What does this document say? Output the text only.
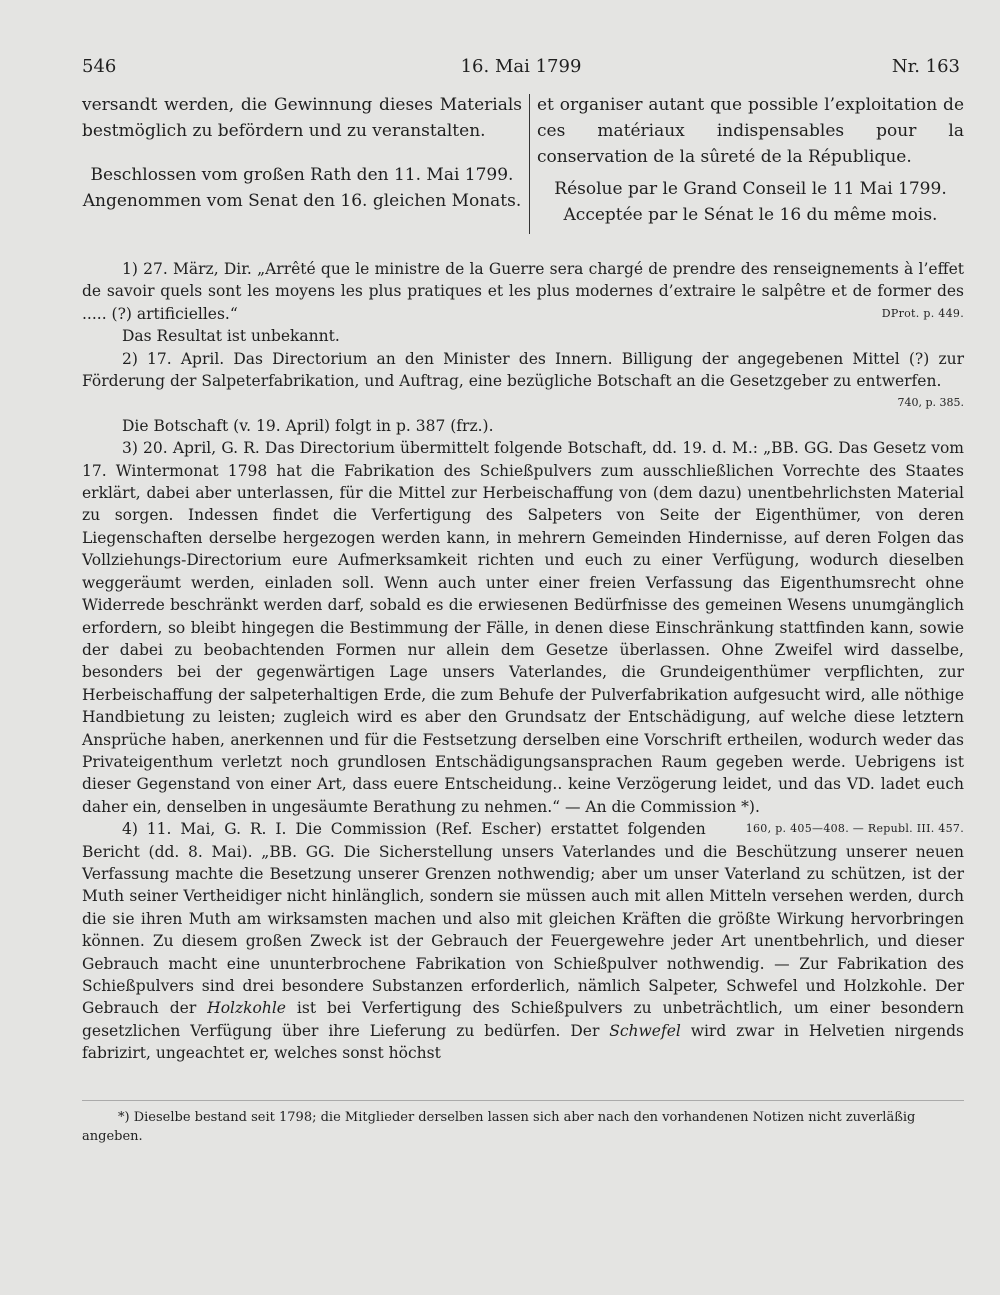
546	16. Mai 1799	Nr. 163

versandt werden, die Gewinnung dieses Materials bestmöglich zu befördern und zu veranstalten.

Beschlossen vom großen Rath den 11. Mai 1799.

Angenommen vom Senat den 16. gleichen Monats.

et organiser autant que possible l’exploitation de ces matériaux indispensables pour la conservation de la sûreté de la République.

Résolue par le Grand Conseil le 11 Mai 1799.

Acceptée par le Sénat le 16 du même mois.

1) 27. März, Dir. „Arrêté que le ministre de la Guerre sera chargé de prendre des renseignements à l’effet de savoir quels sont les moyens les plus pratiques et les plus modernes d’extraire le salpêtre et de former des ..... (?) artificielles.“	DProt. p. 449.

Das Resultat ist unbekannt.

2) 17. April. Das Directorium an den Minister des Innern. Billigung der angegebenen Mittel (?) zur Förderung der Salpeterfabrikation, und Auftrag, eine bezügliche Botschaft an die Gesetzgeber zu entwerfen.

740, p. 385.

Die Botschaft (v. 19. April) folgt in p. 387 (frz.).

3) 20. April, G. R. Das Directorium übermittelt folgende Botschaft, dd. 19. d. M.: „BB. GG. Das Gesetz vom 17. Wintermonat 1798 hat die Fabrikation des Schießpulvers zum ausschließlichen Vorrechte des Staates erklärt, dabei aber unterlassen, für die Mittel zur Herbeischaffung von (dem dazu) unentbehrlichsten Material zu sorgen. Indessen findet die Verfertigung des Salpeters von Seite der Eigenthümer, von deren Liegenschaften derselbe hergezogen werden kann, in mehrern Gemeinden Hindernisse, auf deren Folgen das Vollziehungs-Directorium eure Aufmerksamkeit richten und euch zu einer Verfügung, wodurch dieselben weggeräumt werden, einladen soll. Wenn auch unter einer freien Verfassung das Eigenthumsrecht ohne Widerrede beschränkt werden darf, sobald es die erwiesenen Bedürfnisse des gemeinen Wesens unumgänglich erfordern, so bleibt hingegen die Bestimmung der Fälle, in denen diese Einschränkung stattfinden kann, sowie der dabei zu beobachtenden Formen nur allein dem Gesetze überlassen. Ohne Zweifel wird dasselbe, besonders bei der gegenwärtigen Lage unsers Vaterlandes, die Grundeigenthümer verpflichten, zur Herbeischaffung der salpeterhaltigen Erde, die zum Behufe der Pulverfabrikation aufgesucht wird, alle nöthige Handbietung zu leisten; zugleich wird es aber den Grundsatz der Entschädigung, auf welche diese letztern Ansprüche haben, anerkennen und für die Festsetzung derselben eine Vorschrift ertheilen, wodurch weder das Privateigenthum verletzt noch grundlosen Entschädigungsansprachen Raum gegeben werde. Uebrigens ist dieser Gegenstand von einer Art, dass euere Entscheidung.. keine Verzögerung leidet, und das VD. ladet euch daher ein, denselben in ungesäumte Berathung zu nehmen.“ — An die Commission *).
160, p. 405—408. — Republ. III. 457.

4) 11. Mai, G. R. I. Die Commission (Ref. Escher) erstattet folgenden Bericht (dd. 8. Mai). „BB. GG. Die Sicherstellung unsers Vaterlandes und die Beschützung unserer neuen Verfassung machte die Besetzung unserer Grenzen nothwendig; aber um unser Vaterland zu schützen, ist der Muth seiner Vertheidiger nicht hinlänglich, sondern sie müssen auch mit allen Mitteln versehen werden, durch die sie ihren Muth am wirksamsten machen und also mit gleichen Kräften die größte Wirkung hervorbringen können. Zu diesem großen Zweck ist der Gebrauch der Feuergewehre jeder Art unentbehrlich, und dieser Gebrauch macht eine ununterbrochene Fabrikation von Schießpulver nothwendig. — Zur Fabrikation des Schießpulvers sind drei besondere Substanzen erforderlich, nämlich Salpeter, Schwefel und Holzkohle. Der Gebrauch der Holzkohle ist bei Verfertigung des Schießpulvers zu unbeträchtlich, um einer besondern gesetzlichen Verfügung über ihre Lieferung zu bedürfen. Der Schwefel wird zwar in Helvetien nirgends fabrizirt, ungeachtet er, welches sonst höchst

*) Dieselbe bestand seit 1798; die Mitglieder derselben lassen sich aber nach den vorhandenen Notizen nicht zuverläßig angeben.
